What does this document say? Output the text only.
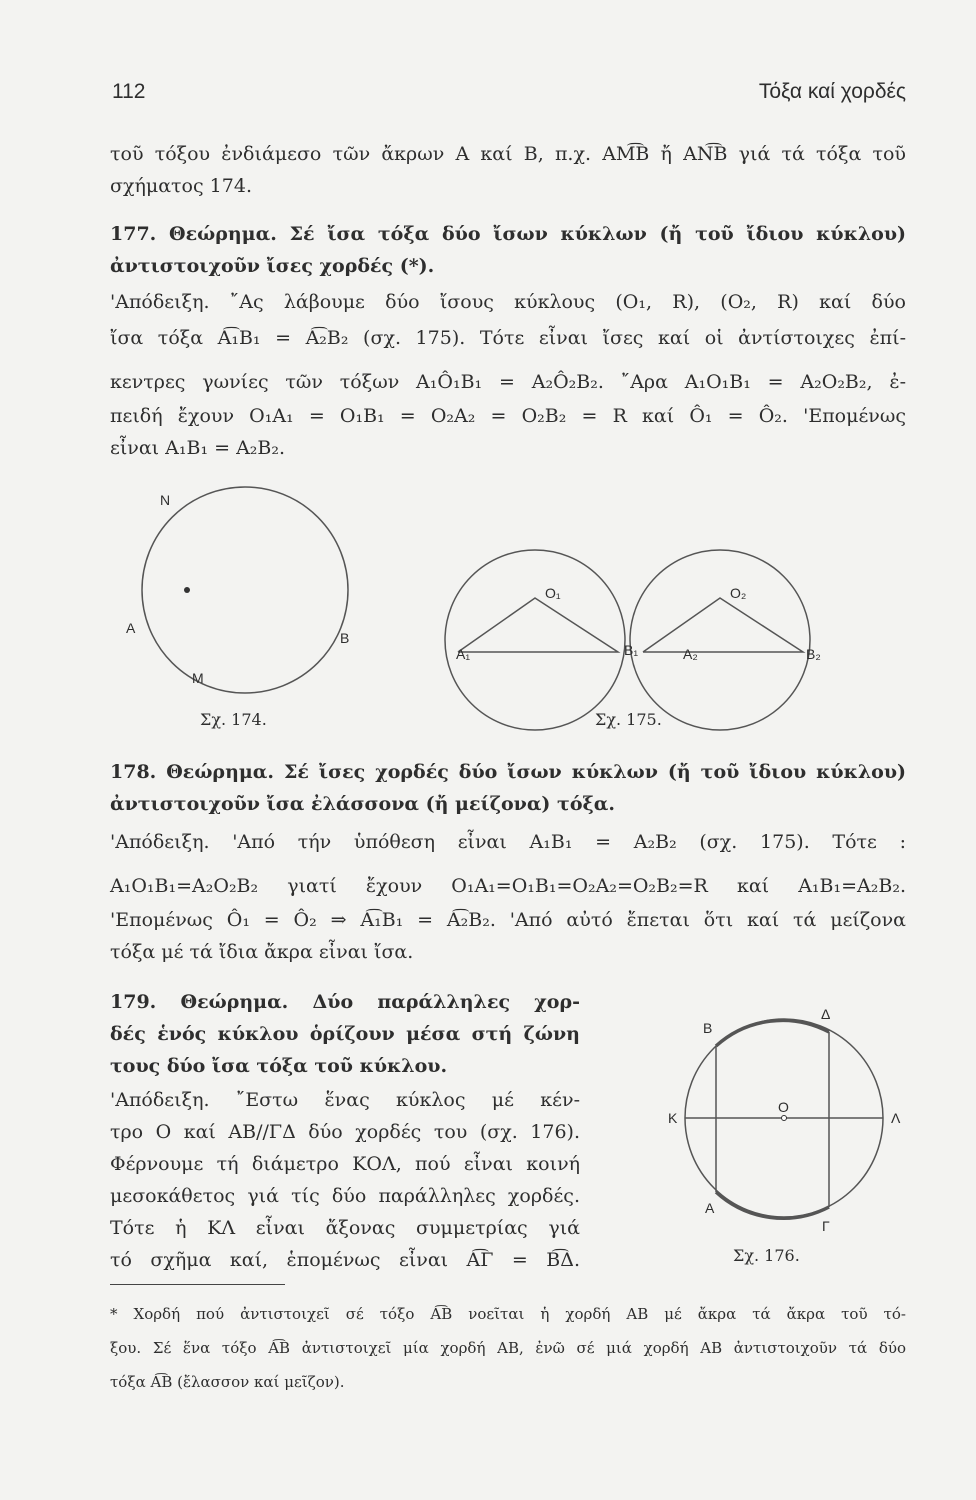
112	Τόξα καί χορδές
τοῦ τόξου ἐνδιάμεσο τῶν ἄκρων Α καί Β, π.χ. ΑΜ͡Β ἤ ΑΝ͡Β γιά τά τόξα τοῦ
σχήματος 174.
177. Θεώρημα. Σέ ἴσα τόξα δύο ἴσων κύκλων (ἤ τοῦ ἴδιου κύκλου)
ἀντιστοιχοῦν ἴσες χορδές (*).
'Απόδειξη. ῎Ας λάβουμε δύο ἴσους κύκλους (O₁, R), (O₂, R) καί δύο
ἴσα τόξα Α͡₁Β₁ = Α͡₂Β₂ (σχ. 175). Τότε εἶναι ἴσες καί οἱ ἀντίστοιχες ἐπί-
κεντρες γωνίες τῶν τόξων Α₁Ô₁Β₁ = Α₂Ô₂Β₂. ῎Αρα Α₁Ο₁Β₁ = Α₂Ο₂Β₂, ἐ-
πειδή ἔχουν Ο₁Α₁ = Ο₁Β₁ = Ο₂Α₂ = Ο₂Β₂ = R καί Ô₁ = Ô₂. 'Επομένως
εἶναι Α₁Β₁ = Α₂Β₂.
N
A
B
M
Σχ. 174.
O₁	O₂
A₁	B₁	A₂	B₂
Σχ. 175.
178. Θεώρημα. Σέ ἴσες χορδές δύο ἴσων κύκλων (ἤ τοῦ ἴδιου κύκλου)
ἀντιστοιχοῦν ἴσα ἐλάσσονα (ἤ μείζονα) τόξα.
'Απόδειξη. 'Από τήν ὑπόθεση εἶναι Α₁Β₁ = Α₂Β₂ (σχ. 175). Τότε :
Α₁Ο₁Β₁=Α₂Ο₂Β₂ γιατί ἔχουν Ο₁Α₁=Ο₁Β₁=Ο₂Α₂=Ο₂Β₂=R καί Α₁Β₁=Α₂Β₂.
'Επομένως Ô₁ = Ô₂ ⇒ Α͡₁Β₁ = Α͡₂Β₂. 'Από αὐτό ἔπεται ὅτι καί τά μείζονα
τόξα μέ τά ἴδια ἄκρα εἶναι ἴσα.
179. Θεώρημα. Δύο παράλληλες χορ-
δές ἑνός κύκλου ὁρίζουν μέσα στή ζώνη
τους δύο ἴσα τόξα τοῦ κύκλου.
'Απόδειξη. ῎Εστω ἕνας κύκλος μέ κέν-
τρο Ο καί ΑΒ//ΓΔ δύο χορδές του (σχ. 176).
Φέρνουμε τή διάμετρο ΚΟΛ, πού εἶναι κοινή
μεσοκάθετος γιά τίς δύο παράλληλες χορδές.
Τότε ἡ ΚΛ εἶναι ἄξονας συμμετρίας γιά
τό σχῆμα καί, ἑπομένως εἶναι Α͡Γ = Β͡Δ.
B
Δ
K
O
Λ
A
Γ
Σχ. 176.
* Χορδή πού ἀντιστοιχεῖ σέ τόξο Α͡Β νοεῖται ἡ χορδή ΑΒ μέ ἄκρα τά ἄκρα τοῦ τό-
ξου. Σέ ἕνα τόξο Α͡Β ἀντιστοιχεῖ μία χορδή ΑΒ, ἐνῶ σέ μιά χορδή ΑΒ ἀντιστοιχοῦν τά δύο
τόξα Α͡Β (ἔλασσον καί μεῖζον).
